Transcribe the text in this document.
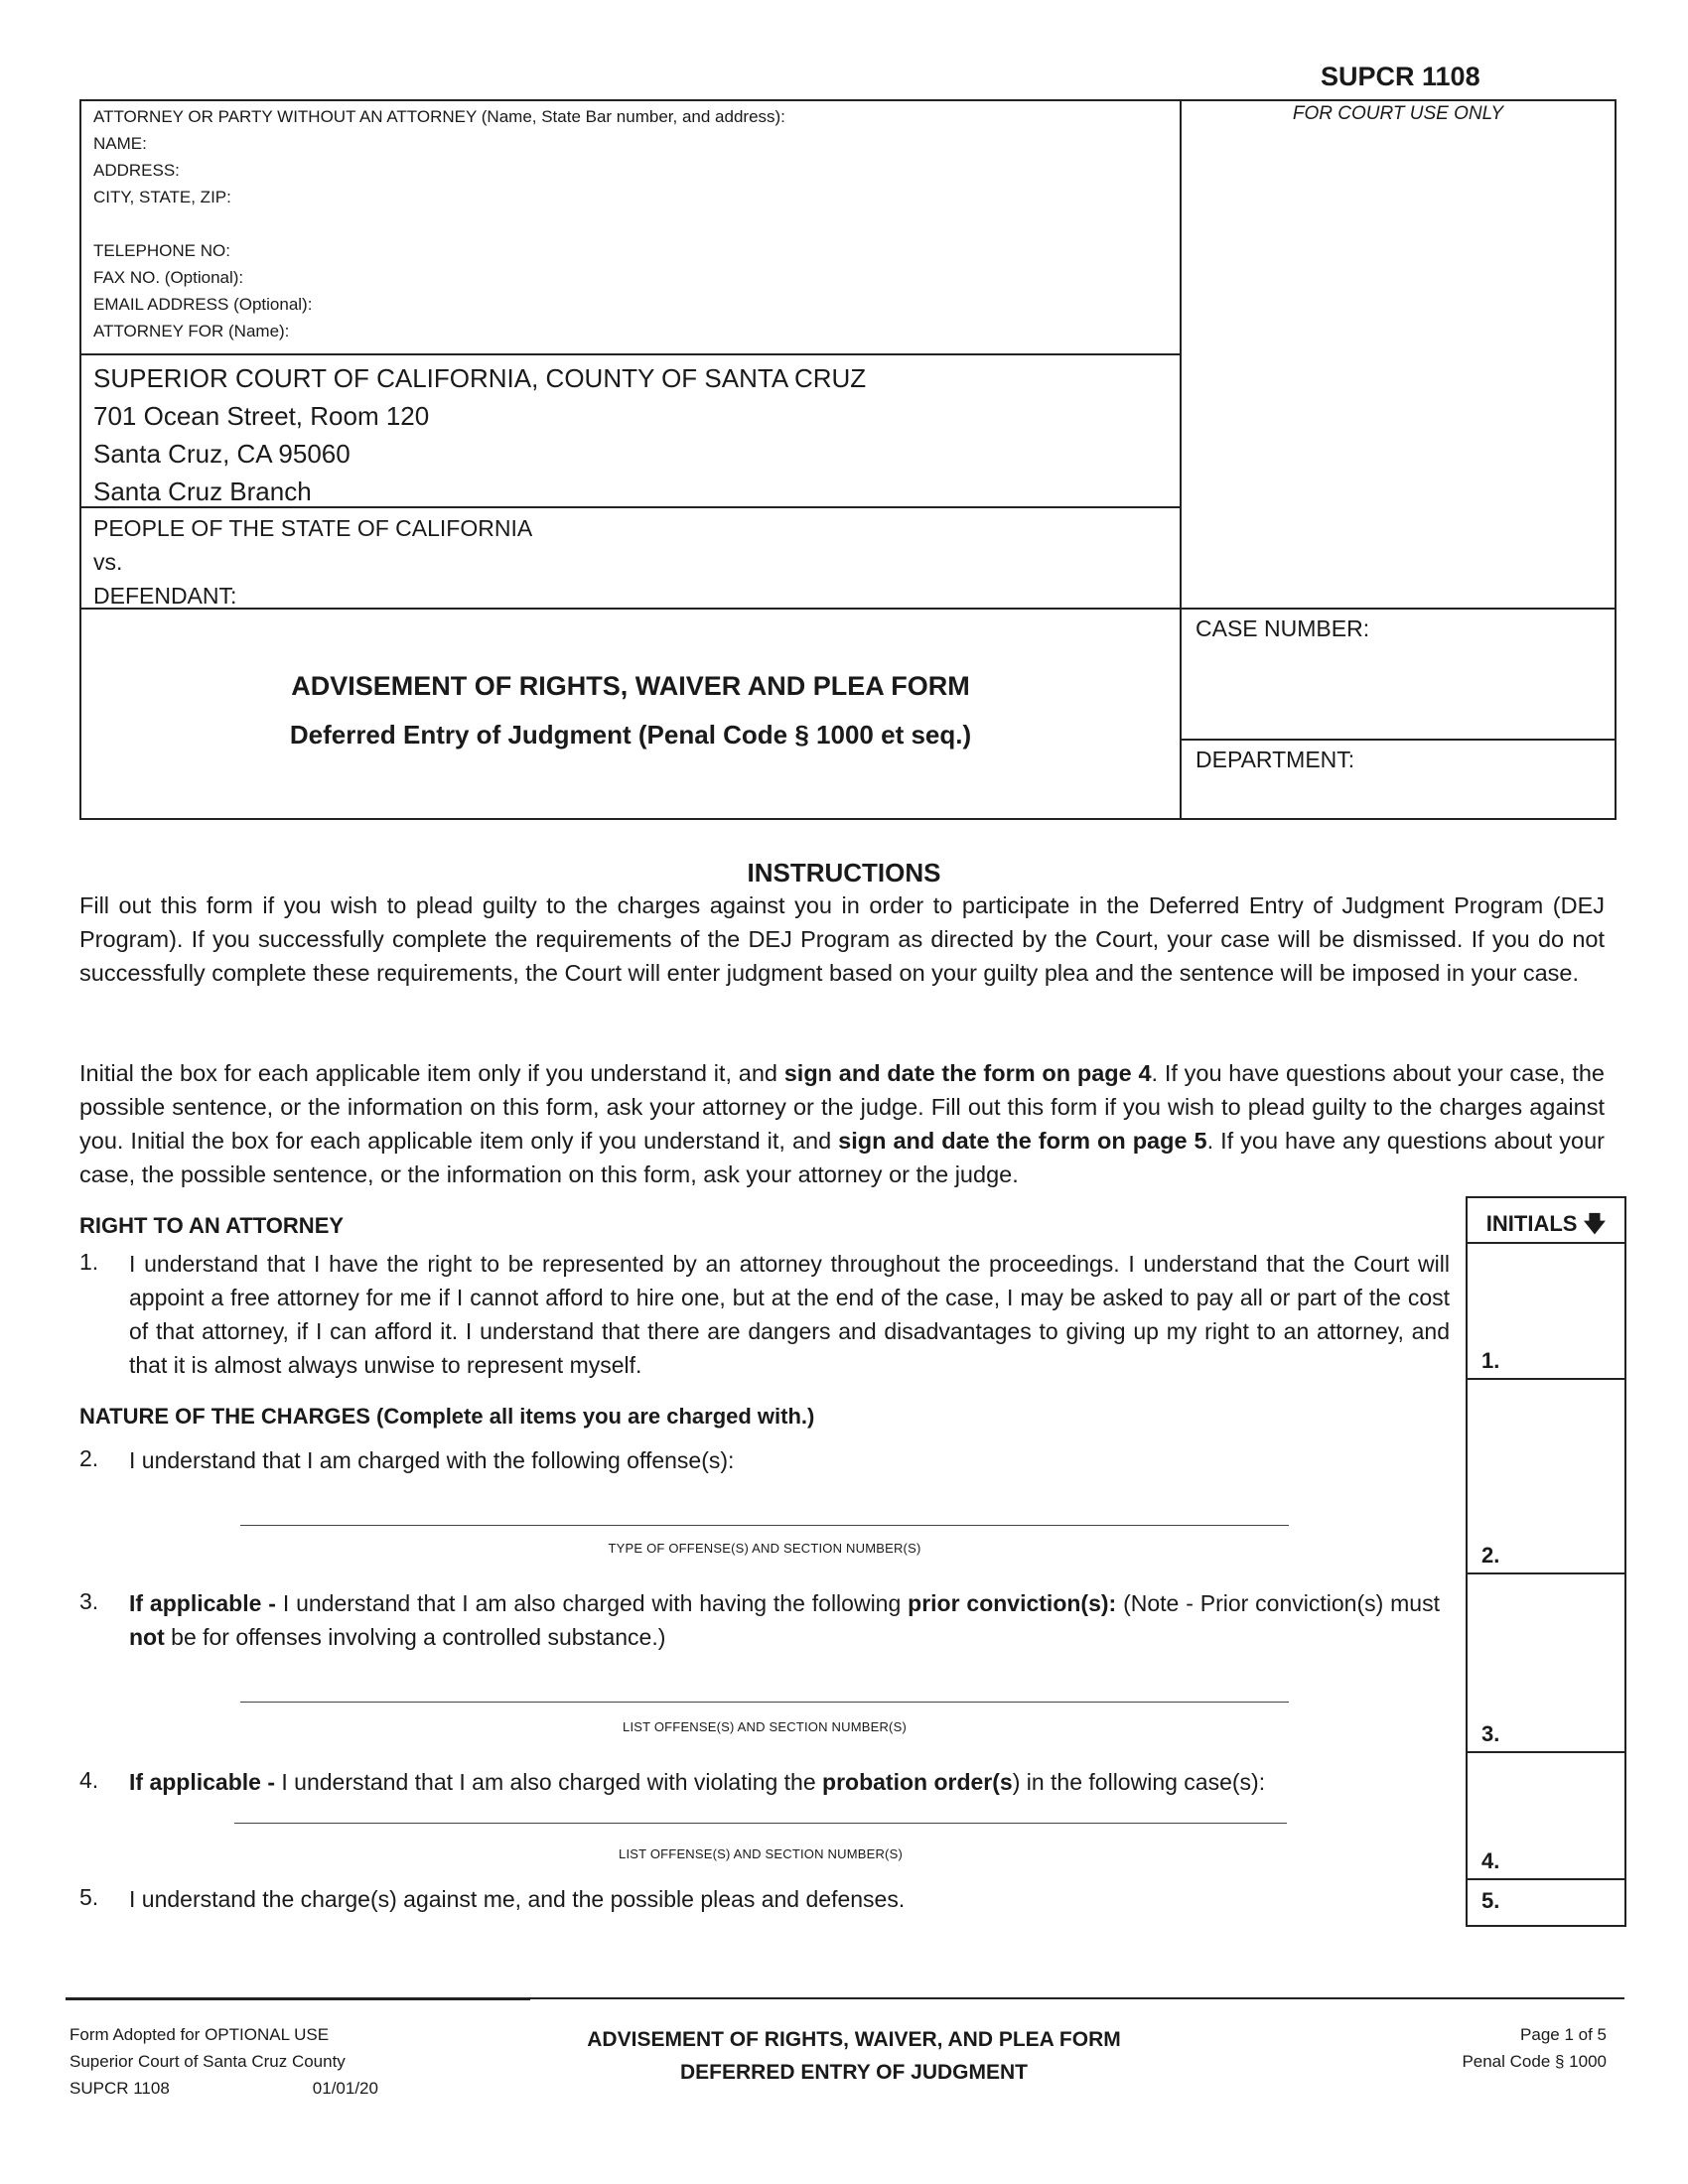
SUPCR 1108
ATTORNEY OR PARTY WITHOUT AN ATTORNEY (Name, State Bar number, and address):
NAME:
ADDRESS:
CITY, STATE, ZIP:
TELEPHONE NO:
FAX NO. (Optional):
EMAIL ADDRESS (Optional):
ATTORNEY FOR (Name):
FOR COURT USE ONLY
SUPERIOR COURT OF CALIFORNIA, COUNTY OF SANTA CRUZ
701 Ocean Street, Room 120
Santa Cruz, CA 95060
Santa Cruz Branch
PEOPLE OF THE STATE OF CALIFORNIA
vs.
DEFENDANT:
ADVISEMENT OF RIGHTS, WAIVER AND PLEA FORM
Deferred Entry of Judgment (Penal Code § 1000 et seq.)
CASE NUMBER:
DEPARTMENT:
INSTRUCTIONS
Fill out this form if you wish to plead guilty to the charges against you in order to participate in the Deferred Entry of Judgment Program (DEJ Program). If you successfully complete the requirements of the DEJ Program as directed by the Court, your case will be dismissed. If you do not successfully complete these requirements, the Court will enter judgment based on your guilty plea and the sentence will be imposed in your case.
Initial the box for each applicable item only if you understand it, and sign and date the form on page 4. If you have questions about your case, the possible sentence, or the information on this form, ask your attorney or the judge. Fill out this form if you wish to plead guilty to the charges against you. Initial the box for each applicable item only if you understand it, and sign and date the form on page 5. If you have any questions about your case, the possible sentence, or the information on this form, ask your attorney or the judge.
INITIALS 🡇
1.
2.
3.
4.
5.
RIGHT TO AN ATTORNEY
1. I understand that I have the right to be represented by an attorney throughout the proceedings. I understand that the Court will appoint a free attorney for me if I cannot afford to hire one, but at the end of the case, I may be asked to pay all or part of the cost of that attorney, if I can afford it. I understand that there are dangers and disadvantages to giving up my right to an attorney, and that it is almost always unwise to represent myself.
NATURE OF THE CHARGES (Complete all items you are charged with.)
2. I understand that I am charged with the following offense(s):
TYPE OF OFFENSE(S) AND SECTION NUMBER(S)
3. If applicable - I understand that I am also charged with having the following prior conviction(s): (Note - Prior conviction(s) must not be for offenses involving a controlled substance.)
LIST OFFENSE(S) AND SECTION NUMBER(S)
4. If applicable - I understand that I am also charged with violating the probation order(s) in the following case(s):
LIST OFFENSE(S) AND SECTION NUMBER(S)
5. I understand the charge(s) against me, and the possible pleas and defenses.
Form Adopted for OPTIONAL USE
Superior Court of Santa Cruz County
SUPCR 1108	01/01/20
ADVISEMENT OF RIGHTS, WAIVER, AND PLEA FORM
DEFERRED ENTRY OF JUDGMENT
Page 1 of 5
Penal Code § 1000
